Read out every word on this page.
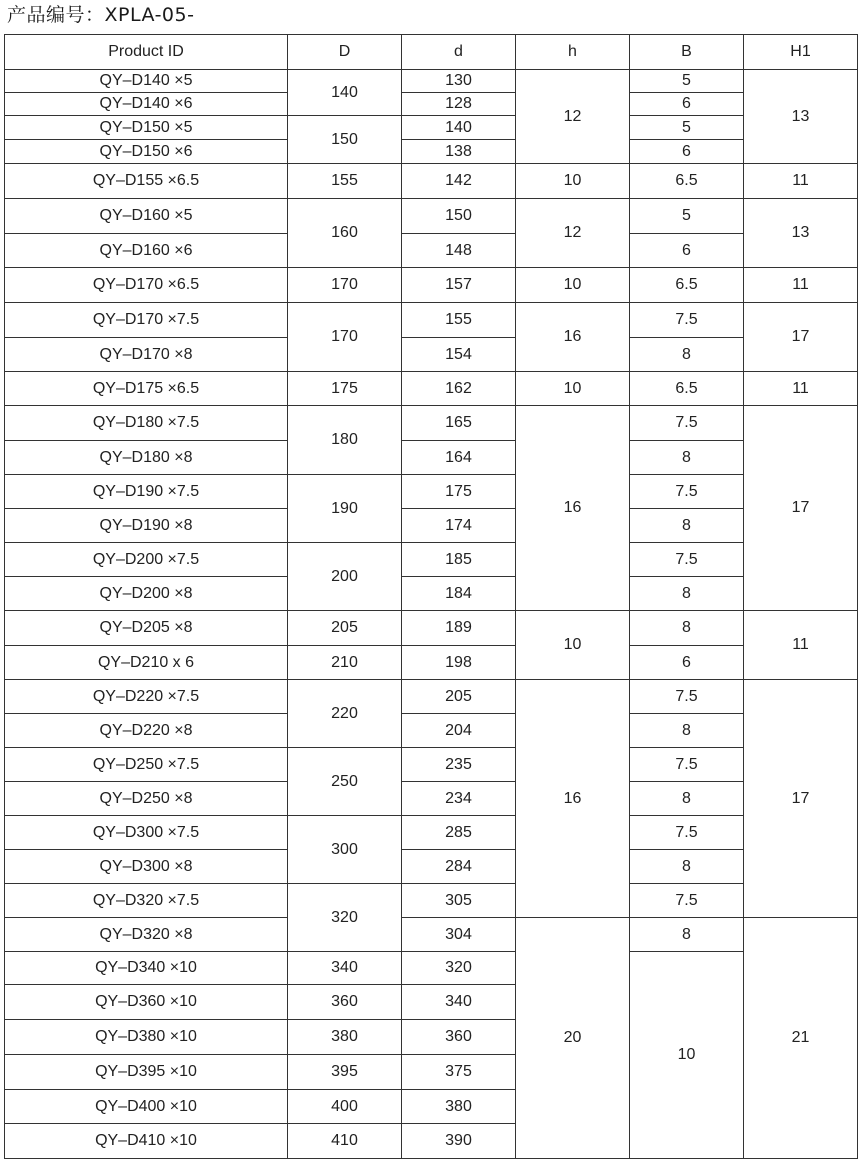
产品编号：XPLA-05-
Product ID	D	d	h	B	H1
QY–D140 ×5	140	130	12	5	13
QY–D140 ×6		128		6	
QY–D150 ×5	150	140		5	
QY–D150 ×6		138		6	
QY–D155 ×6.5	155	142	10	6.5	11
QY–D160 ×5	160	150	12	5	13
QY–D160 ×6		148		6	
QY–D170 ×6.5	170	157	10	6.5	11
QY–D170 ×7.5	170	155	16	7.5	17
QY–D170 ×8		154		8	
QY–D175 ×6.5	175	162	10	6.5	11
QY–D180 ×7.5	180	165	16	7.5	17
QY–D180 ×8		164		8	
QY–D190 ×7.5	190	175		7.5	
QY–D190 ×8		174		8	
QY–D200 ×7.5	200	185		7.5	
QY–D200 ×8		184		8	
QY–D205 ×8	205	189	10	8	11
QY–D210 x 6	210	198		6	
QY–D220 ×7.5	220	205	16	7.5	17
QY–D220 ×8		204		8	
QY–D250 ×7.5	250	235		7.5	
QY–D250 ×8		234		8	
QY–D300 ×7.5	300	285		7.5	
QY–D300 ×8		284		8	
QY–D320 ×7.5	320	305		7.5	
QY–D320 ×8		304	20	8	21
QY–D340 ×10	340	320		10	
QY–D360 ×10	360	340			
QY–D380 ×10	380	360			
QY–D395 ×10	395	375			
QY–D400 ×10	400	380			
QY–D410 ×10	410	390			
